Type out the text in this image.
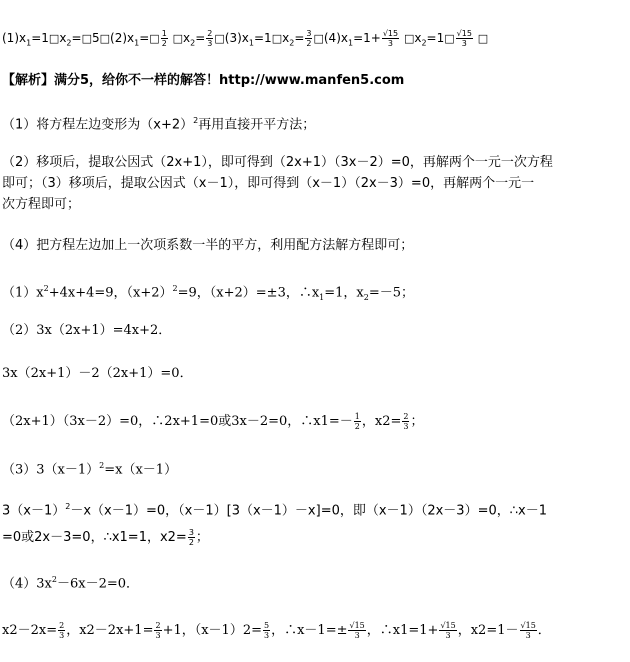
$(1)x_1=1□x_2=□5□(2)x_1=□ \frac{1}{2}$ $□x_2= \frac{2}{3}$ $□(3)x_1=1□x_2= \frac{3}{2}$ $□(4)x_1=1+ \frac{√15}{3}$ $□x_2=1□ \frac{√15}{3}$ □
【解析】满分5，给你不一样的解答！http://www.manfen5.com
（1）将方程左边变形为$(x+2)^2$再用直接开平方法；
（2）移项后，提取公因式（2x+1），即可得到（2x+1）（3x－2）=0，再解两个一元一次方程
即可；（3）移项后，提取公因式（x－1），即可得到（x－1）（2x－3）=0，再解两个一元一
次方程即可；
（4）把方程左边加上一次项系数一半的平方，利用配方法解方程即可；
$(1)x^2+4x+4=9$，$(x+2)^2=9$，（x+2）=±3，$\therefore x_1=1$，$x_2=-5$；
（2）3x（2x+1）=4x+2．
3x（2x+1）－2（2x+1）=0．
（2x+1）（3x－2）=0，∴2x+1=0或3x－2=0，∴x1=－ $\frac{1}{2}$ ，$x2= \frac{2}{3}$ ；
$(3)3(x-1)^2=x(x-1)$
$3(x-1)^2-x(x-1)=0$，（x－1）[3（x－1）－x]=0，即（x－1）（2x－3）=0，∴x－1
=0或2x－3=0，∴x1=1，$x2= \frac{3}{2}$ ；
$(4)3x^2-6x-2=0$．
$x2-2x= \frac{2}{3}$ ，$x2-2x+1= \frac{2}{3} +1$，$(x-1)2= \frac{5}{3}$ ，∴x－1=± $\frac{√15}{3}$ ，∴x1=1+ $\frac{√15}{3}$ ，$x2=1- \frac{√15}{3}$ ．
